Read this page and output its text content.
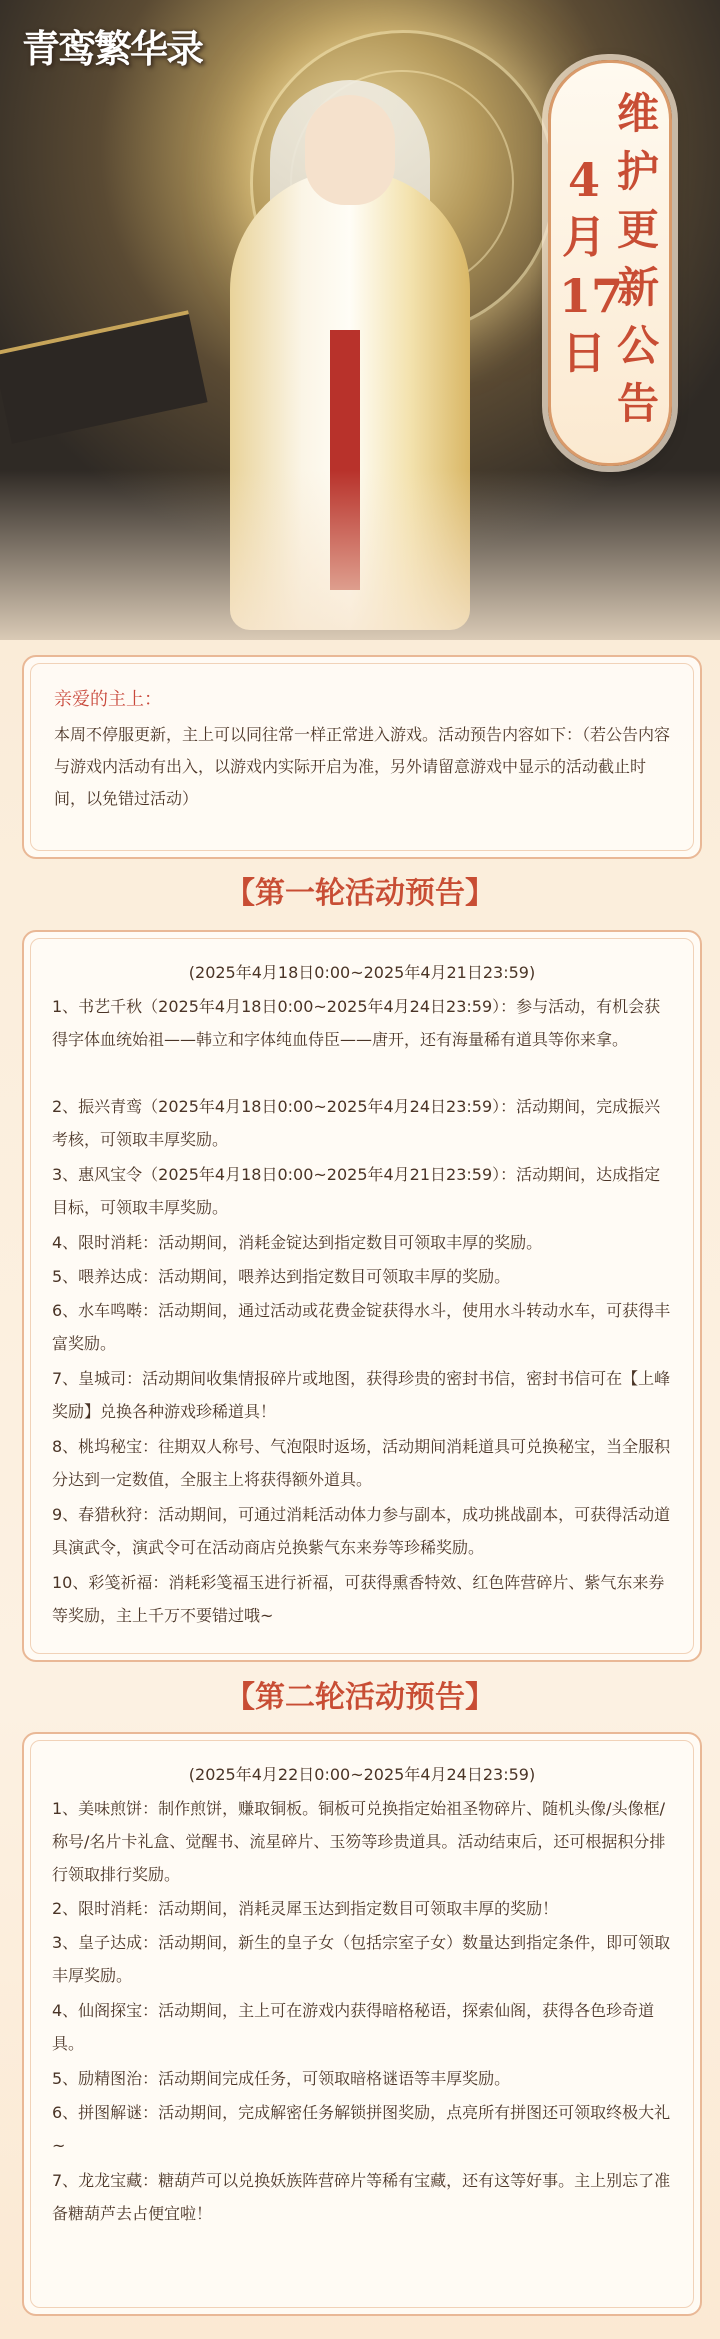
青鸾繁华录
维护更新公告
4
月
17
日
亲爱的主上：
本周不停服更新，主上可以同往常一样正常进入游戏。活动预告内容如下：（若公告内容与游戏内活动有出入，以游戏内实际开启为准，另外请留意游戏中显示的活动截止时间，以免错过活动）
【第一轮活动预告】
(2025年4月18日0:00~2025年4月21日23:59)
1、书艺千秋（2025年4月18日0:00~2025年4月24日23:59）：参与活动，有机会获得字体血统始祖——韩立和字体纯血侍臣——唐开，还有海量稀有道具等你来拿。
2、振兴青鸾（2025年4月18日0:00~2025年4月24日23:59）：活动期间，完成振兴考核，可领取丰厚奖励。
3、惠风宝令（2025年4月18日0:00~2025年4月21日23:59）：活动期间，达成指定目标，可领取丰厚奖励。
4、限时消耗：活动期间，消耗金锭达到指定数目可领取丰厚的奖励。
5、喂养达成：活动期间，喂养达到指定数目可领取丰厚的奖励。
6、水车鸣啭：活动期间，通过活动或花费金锭获得水斗，使用水斗转动水车，可获得丰富奖励。
7、皇城司：活动期间收集情报碎片或地图，获得珍贵的密封书信，密封书信可在【上峰奖励】兑换各种游戏珍稀道具！
8、桃坞秘宝：往期双人称号、气泡限时返场，活动期间消耗道具可兑换秘宝，当全服积分达到一定数值，全服主上将获得额外道具。
9、春猎秋狩：活动期间，可通过消耗活动体力参与副本，成功挑战副本，可获得活动道具演武令，演武令可在活动商店兑换紫气东来券等珍稀奖励。
10、彩笺祈福：消耗彩笺福玉进行祈福，可获得熏香特效、红色阵营碎片、紫气东来券等奖励，主上千万不要错过哦~
【第二轮活动预告】
(2025年4月22日0:00~2025年4月24日23:59)
1、美味煎饼：制作煎饼，赚取铜板。铜板可兑换指定始祖圣物碎片、随机头像/头像框/称号/名片卡礼盒、觉醒书、流星碎片、玉笏等珍贵道具。活动结束后，还可根据积分排行领取排行奖励。
2、限时消耗：活动期间，消耗灵犀玉达到指定数目可领取丰厚的奖励！
3、皇子达成：活动期间，新生的皇子女（包括宗室子女）数量达到指定条件，即可领取丰厚奖励。
4、仙阁探宝：活动期间，主上可在游戏内获得暗格秘语，探索仙阁，获得各色珍奇道具。
5、励精图治：活动期间完成任务，可领取暗格谜语等丰厚奖励。
6、拼图解谜：活动期间，完成解密任务解锁拼图奖励，点亮所有拼图还可领取终极大礼~
7、龙龙宝藏：糖葫芦可以兑换妖族阵营碎片等稀有宝藏，还有这等好事。主上别忘了准备糖葫芦去占便宜啦！
